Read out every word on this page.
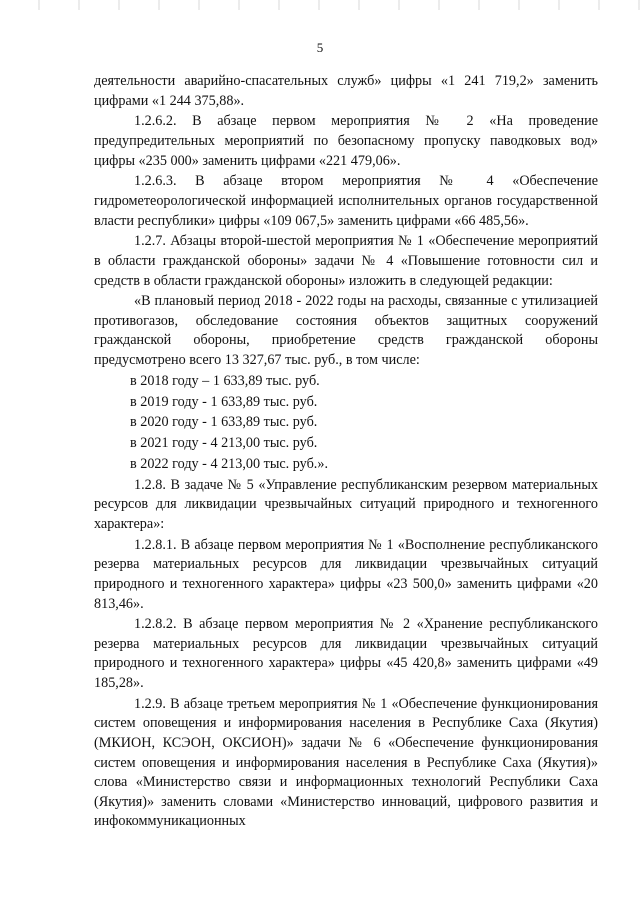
5

деятельности аварийно-спасательных служб» цифры «1 241 719,2» заменить цифрами «1 244 375,88».

1.2.6.2. В абзаце первом мероприятия № 2 «На проведение предупредительных мероприятий по безопасному пропуску паводковых вод» цифры «235 000» заменить цифрами «221 479,06».

1.2.6.3. В абзаце втором мероприятия № 4 «Обеспечение гидрометеорологической информацией исполнительных органов государственной власти республики» цифры «109 067,5» заменить цифрами «66 485,56».

1.2.7. Абзацы второй-шестой мероприятия № 1 «Обеспечение мероприятий в области гражданской обороны» задачи № 4 «Повышение готовности сил и средств в области гражданской обороны» изложить в следующей редакции:

«В плановый период 2018 - 2022 годы на расходы, связанные с утилизацией противогазов, обследование состояния объектов защитных сооружений гражданской обороны, приобретение средств гражданской обороны предусмотрено всего 13 327,67 тыс. руб., в том числе:

в 2018 году – 1 633,89 тыс. руб.

в 2019 году - 1 633,89 тыс. руб.

в 2020 году - 1 633,89 тыс. руб.

в 2021 году - 4 213,00 тыс. руб.

в 2022 году - 4 213,00 тыс. руб.».

1.2.8. В задаче № 5 «Управление республиканским резервом материальных ресурсов для ликвидации чрезвычайных ситуаций природного и техногенного характера»:

1.2.8.1. В абзаце первом мероприятия № 1 «Восполнение республиканского резерва материальных ресурсов для ликвидации чрезвычайных ситуаций природного и техногенного характера» цифры «23 500,0» заменить цифрами «20 813,46».

1.2.8.2. В абзаце первом мероприятия № 2 «Хранение республиканского резерва материальных ресурсов для ликвидации чрезвычайных ситуаций природного и техногенного характера» цифры «45 420,8» заменить цифрами «49 185,28».

1.2.9. В абзаце третьем мероприятия № 1 «Обеспечение функционирования систем оповещения и информирования населения в Республике Саха (Якутия) (МКИОН, КСЭОН, ОКСИОН)» задачи № 6 «Обеспечение функционирования систем оповещения и информирования населения в Республике Саха (Якутия)» слова «Министерство связи и информационных технологий Республики Саха (Якутия)» заменить словами «Министерство инноваций, цифрового развития и инфокоммуникационных
